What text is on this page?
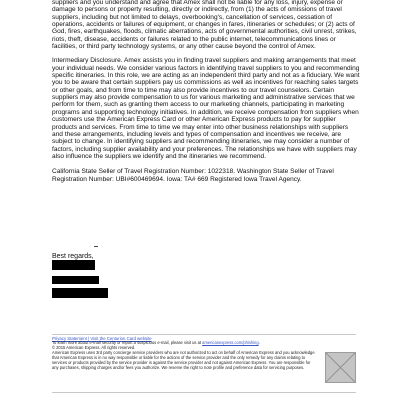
suppliers and you understand and agree that Amex shall not be liable for any loss, injury, expense or damage to persons or property resulting, directly or indirectly, from (1) the acts of omissions of travel suppliers, including but not limited to delays, overbooking's, cancellation of services, cessation of operations, accidents or failures of equipment, or changes in fares, itineraries or schedules; or (2) acts of God, fires, earthquakes, floods, climatic aberrations, acts of governmental authorities, civil unrest, strikes, riots, theft, disease, accidents or failures related to the public internet, telecommunications lines or facilities, or third party technology systems, or any other cause beyond the control of Amex.

Intermediary Disclosure. Amex assists you in finding travel suppliers and making arrangements that meet your individual needs. We consider various factors in identifying travel suppliers to you and recommending specific itineraries. In this role, we are acting as an independent third party and not as a fiduciary. We want you to be aware that certain suppliers pay us commissions as well as incentives for reaching sales targets or other goals, and from time to time may also provide incentives to our travel counselors. Certain suppliers may also provide compensation to us for various marketing and administrative services that we perform for them, such as granting them access to our marketing channels, participating in marketing programs and supporting technology initiatives. In addition, we receive compensation from suppliers when customers use the American Express Card or other American Express products to pay for supplier products and services. From time to time we may enter into other business relationships with suppliers and these arrangements, including levels and types of compensation and incentives we receive, are subject to change. In identifying suppliers and recommending itineraries, we may consider a number of factors, including supplier availability and your preferences. The relationships we have with suppliers may also influence the suppliers we identify and the itineraries we recommend.

California State Seller of Travel Registration Number: 1022318. Washington State Seller of Travel Registration Number: UBI#600469694. Iowa: TA# 669 Registered Iowa Travel Agency.

Best regards,
Privacy Statement | Visit the Centurion Card website
To learn more about e-mail security or report a suspicious e-mail, please visit us at americanexpress.com/phishing.
© 2015 American Express. All rights reserved.
American Express uses 3rd party concierge service providers who are not authorized to act on behalf of American Express and you acknowledge that American Express is in no way responsible or liable for the actions of the service provider and the only remedy for any claims relating to services or products provided by the service provider is against the service provider and not against American Express. You are responsible for any purchases, shipping charges and/or fees you authorize. We reserve the right to note profile and preference data for servicing purposes.
